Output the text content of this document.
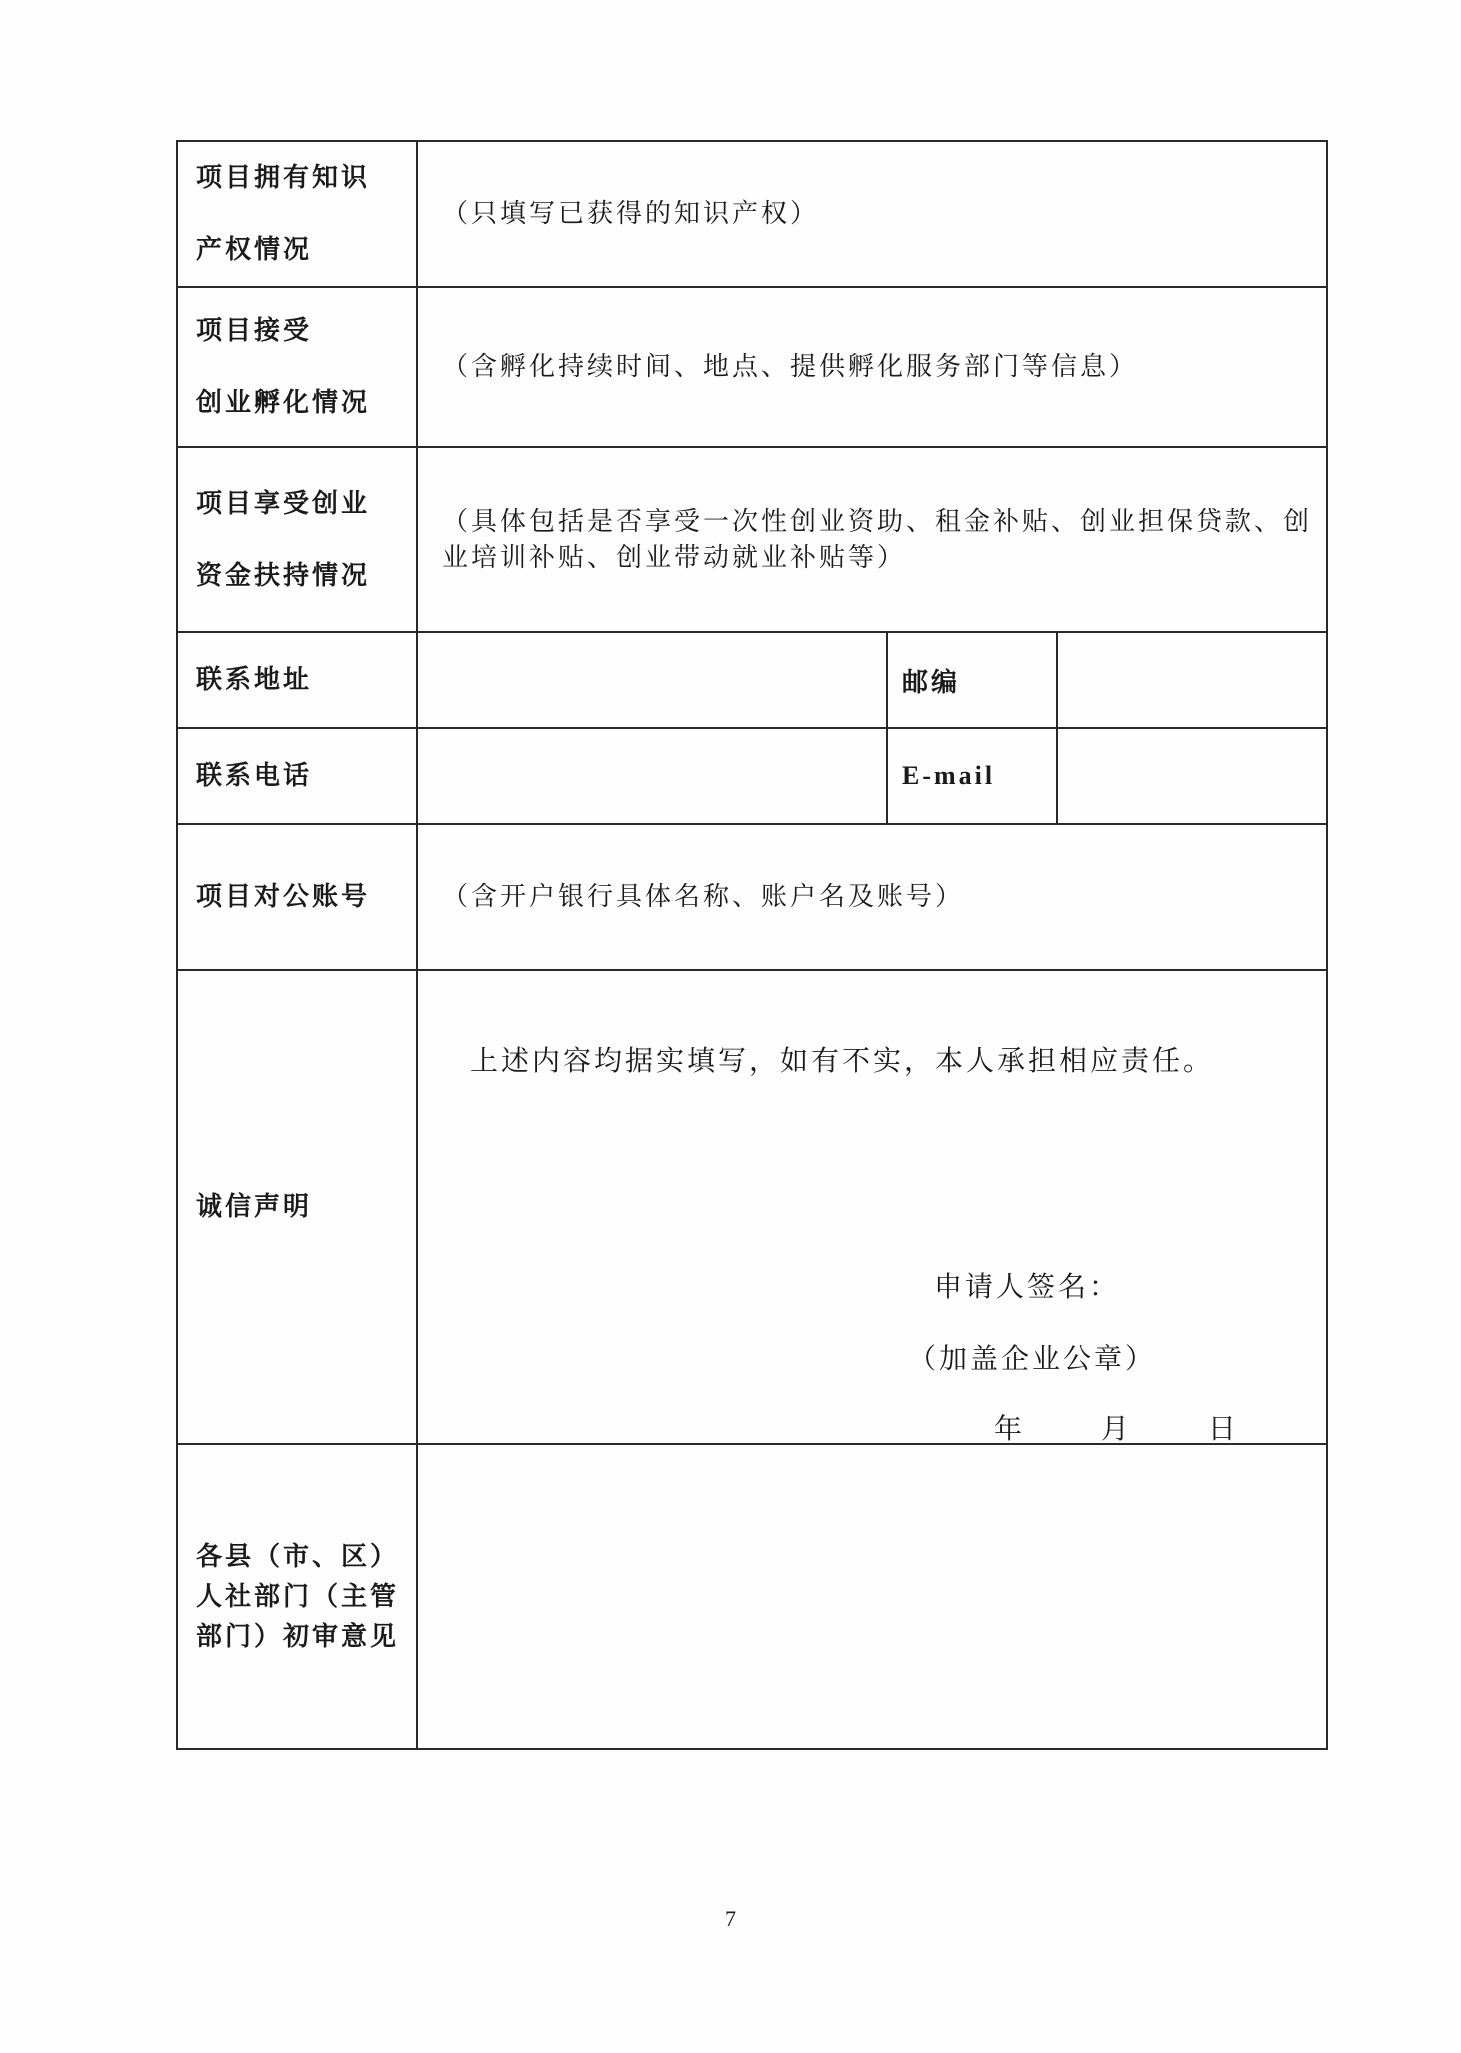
项目拥有知识
产权情况	（只填写已获得的知识产权）		

项目接受
创业孵化情况	（含孵化持续时间、地点、提供孵化服务部门等信息）		

项目享受创业
资金扶持情况	（具体包括是否享受一次性创业资助、租金补贴、创业担保贷款、创业培训补贴、创业带动就业补贴等）		
联系地址		邮编	
联系电话		E-mail	
项目对公账号	（含开户银行具体名称、账户名及账号）		
诚信声明	上述内容均据实填写，如有不实，本人承担相应责任。
申请人签名：
（加盖企业公章）
年 月 日		

各县（市、区）
人社部门（主管
部门）初审意见			

7
